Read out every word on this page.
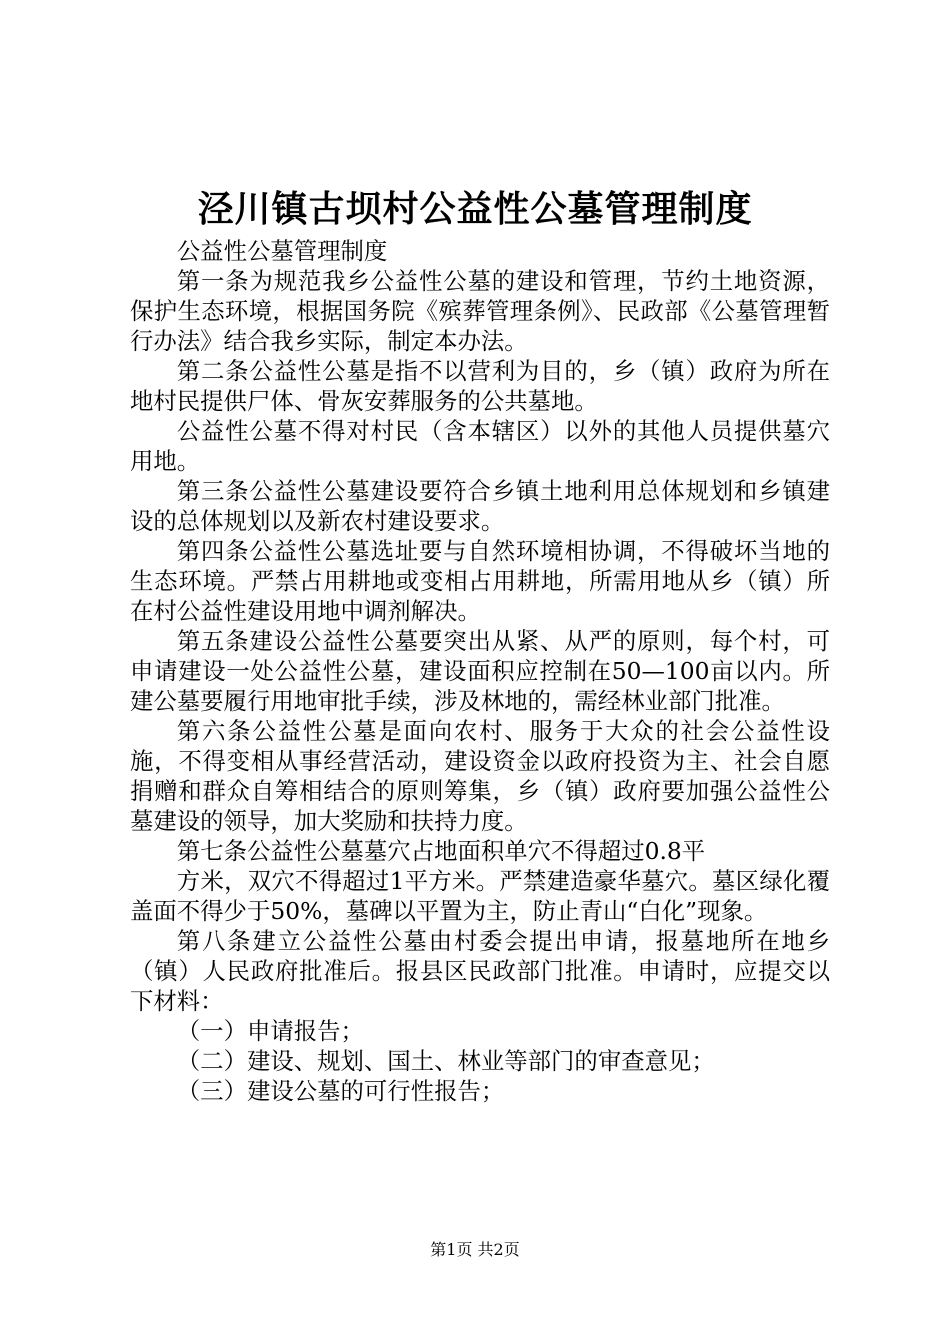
泾川镇古坝村公益性公墓管理制度

公益性公墓管理制度

第一条为规范我乡公益性公墓的建设和管理，节约土地资源，保护生态环境，根据国务院《殡葬管理条例》、民政部《公墓管理暂行办法》结合我乡实际，制定本办法。

第二条公益性公墓是指不以营利为目的，乡（镇）政府为所在地村民提供尸体、骨灰安葬服务的公共墓地。

公益性公墓不得对村民（含本辖区）以外的其他人员提供墓穴用地。

第三条公益性公墓建设要符合乡镇土地利用总体规划和乡镇建设的总体规划以及新农村建设要求。

第四条公益性公墓选址要与自然环境相协调，不得破坏当地的生态环境。严禁占用耕地或变相占用耕地，所需用地从乡（镇）所在村公益性建设用地中调剂解决。

第五条建设公益性公墓要突出从紧、从严的原则，每个村，可申请建设一处公益性公墓，建设面积应控制在50—100亩以内。所建公墓要履行用地审批手续，涉及林地的，需经林业部门批准。

第六条公益性公墓是面向农村、服务于大众的社会公益性设施，不得变相从事经营活动，建设资金以政府投资为主、社会自愿捐赠和群众自筹相结合的原则筹集，乡（镇）政府要加强公益性公墓建设的领导，加大奖励和扶持力度。

第七条公益性公墓墓穴占地面积单穴不得超过0.8平

方米，双穴不得超过1平方米。严禁建造豪华墓穴。墓区绿化覆盖面不得少于50%，墓碑以平置为主，防止青山“白化”现象。

第八条建立公益性公墓由村委会提出申请，报墓地所在地乡（镇）人民政府批准后。报县区民政部门批准。申请时，应提交以下材料：

（一）申请报告；

（二）建设、规划、国土、林业等部门的审查意见；

（三）建设公墓的可行性报告；

第1页 共2页
